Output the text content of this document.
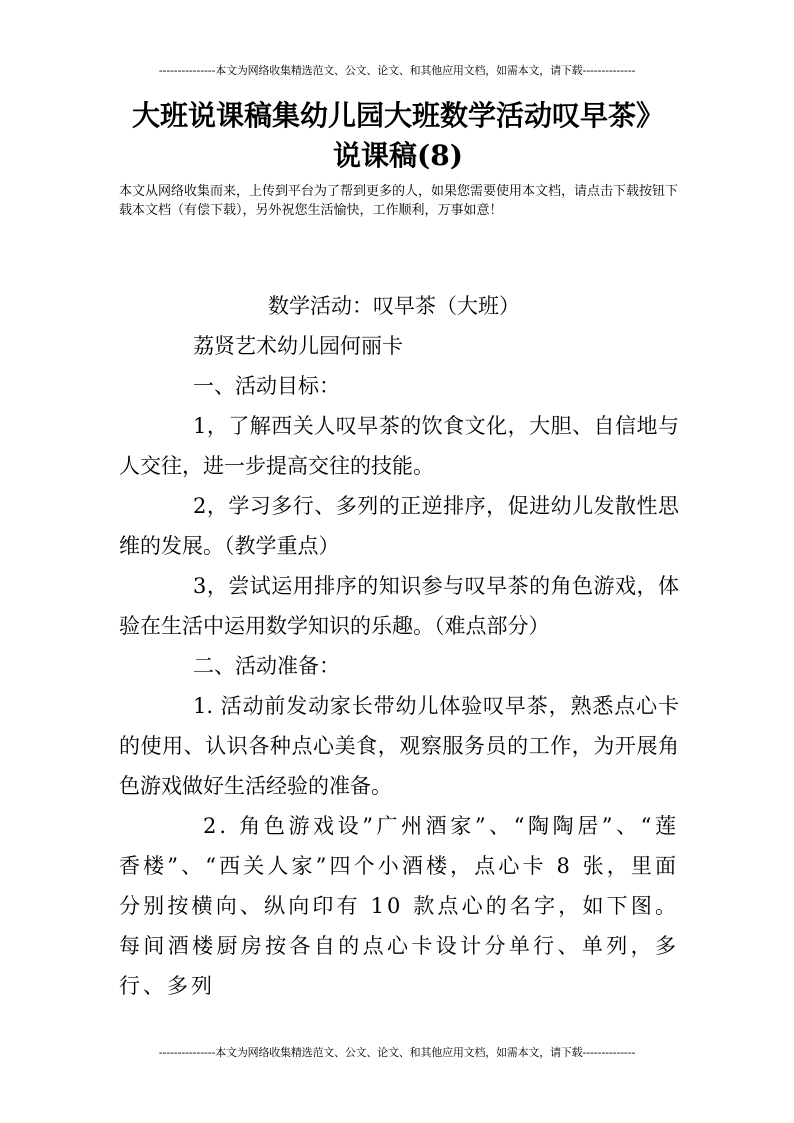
---------------本文为网络收集精选范文、公文、论文、和其他应用文档，如需本文，请下载--------------
大班说课稿集幼儿园大班数学活动叹早茶》说课稿(8)
本文从网络收集而来，上传到平台为了帮到更多的人，如果您需要使用本文档，请点击下载按钮下载本文档（有偿下载），另外祝您生活愉快，工作顺利，万事如意！

数学活动：叹早茶（大班）

荔贤艺术幼儿园何丽卡

一、活动目标：

1，了解西关人叹早茶的饮食文化，大胆、自信地与人交往，进一步提高交往的技能。

2，学习多行、多列的正逆排序，促进幼儿发散性思维的发展。（教学重点）

3，尝试运用排序的知识参与叹早茶的角色游戏，体验在生活中运用数学知识的乐趣。（难点部分）

二、活动准备：

1. 活动前发动家长带幼儿体验叹早茶，熟悉点心卡的使用、认识各种点心美食，观察服务员的工作，为开展角色游戏做好生活经验的准备。

2. 角色游戏设”广州酒家”、“陶陶居”、“莲香楼”、“西关人家”四个小酒楼，点心卡 8 张，里面分别按横向、纵向印有 10 款点心的名字，如下图。每间酒楼厨房按各自的点心卡设计分单行、单列，多行、多列

---------------本文为网络收集精选范文、公文、论文、和其他应用文档，如需本文，请下载--------------
